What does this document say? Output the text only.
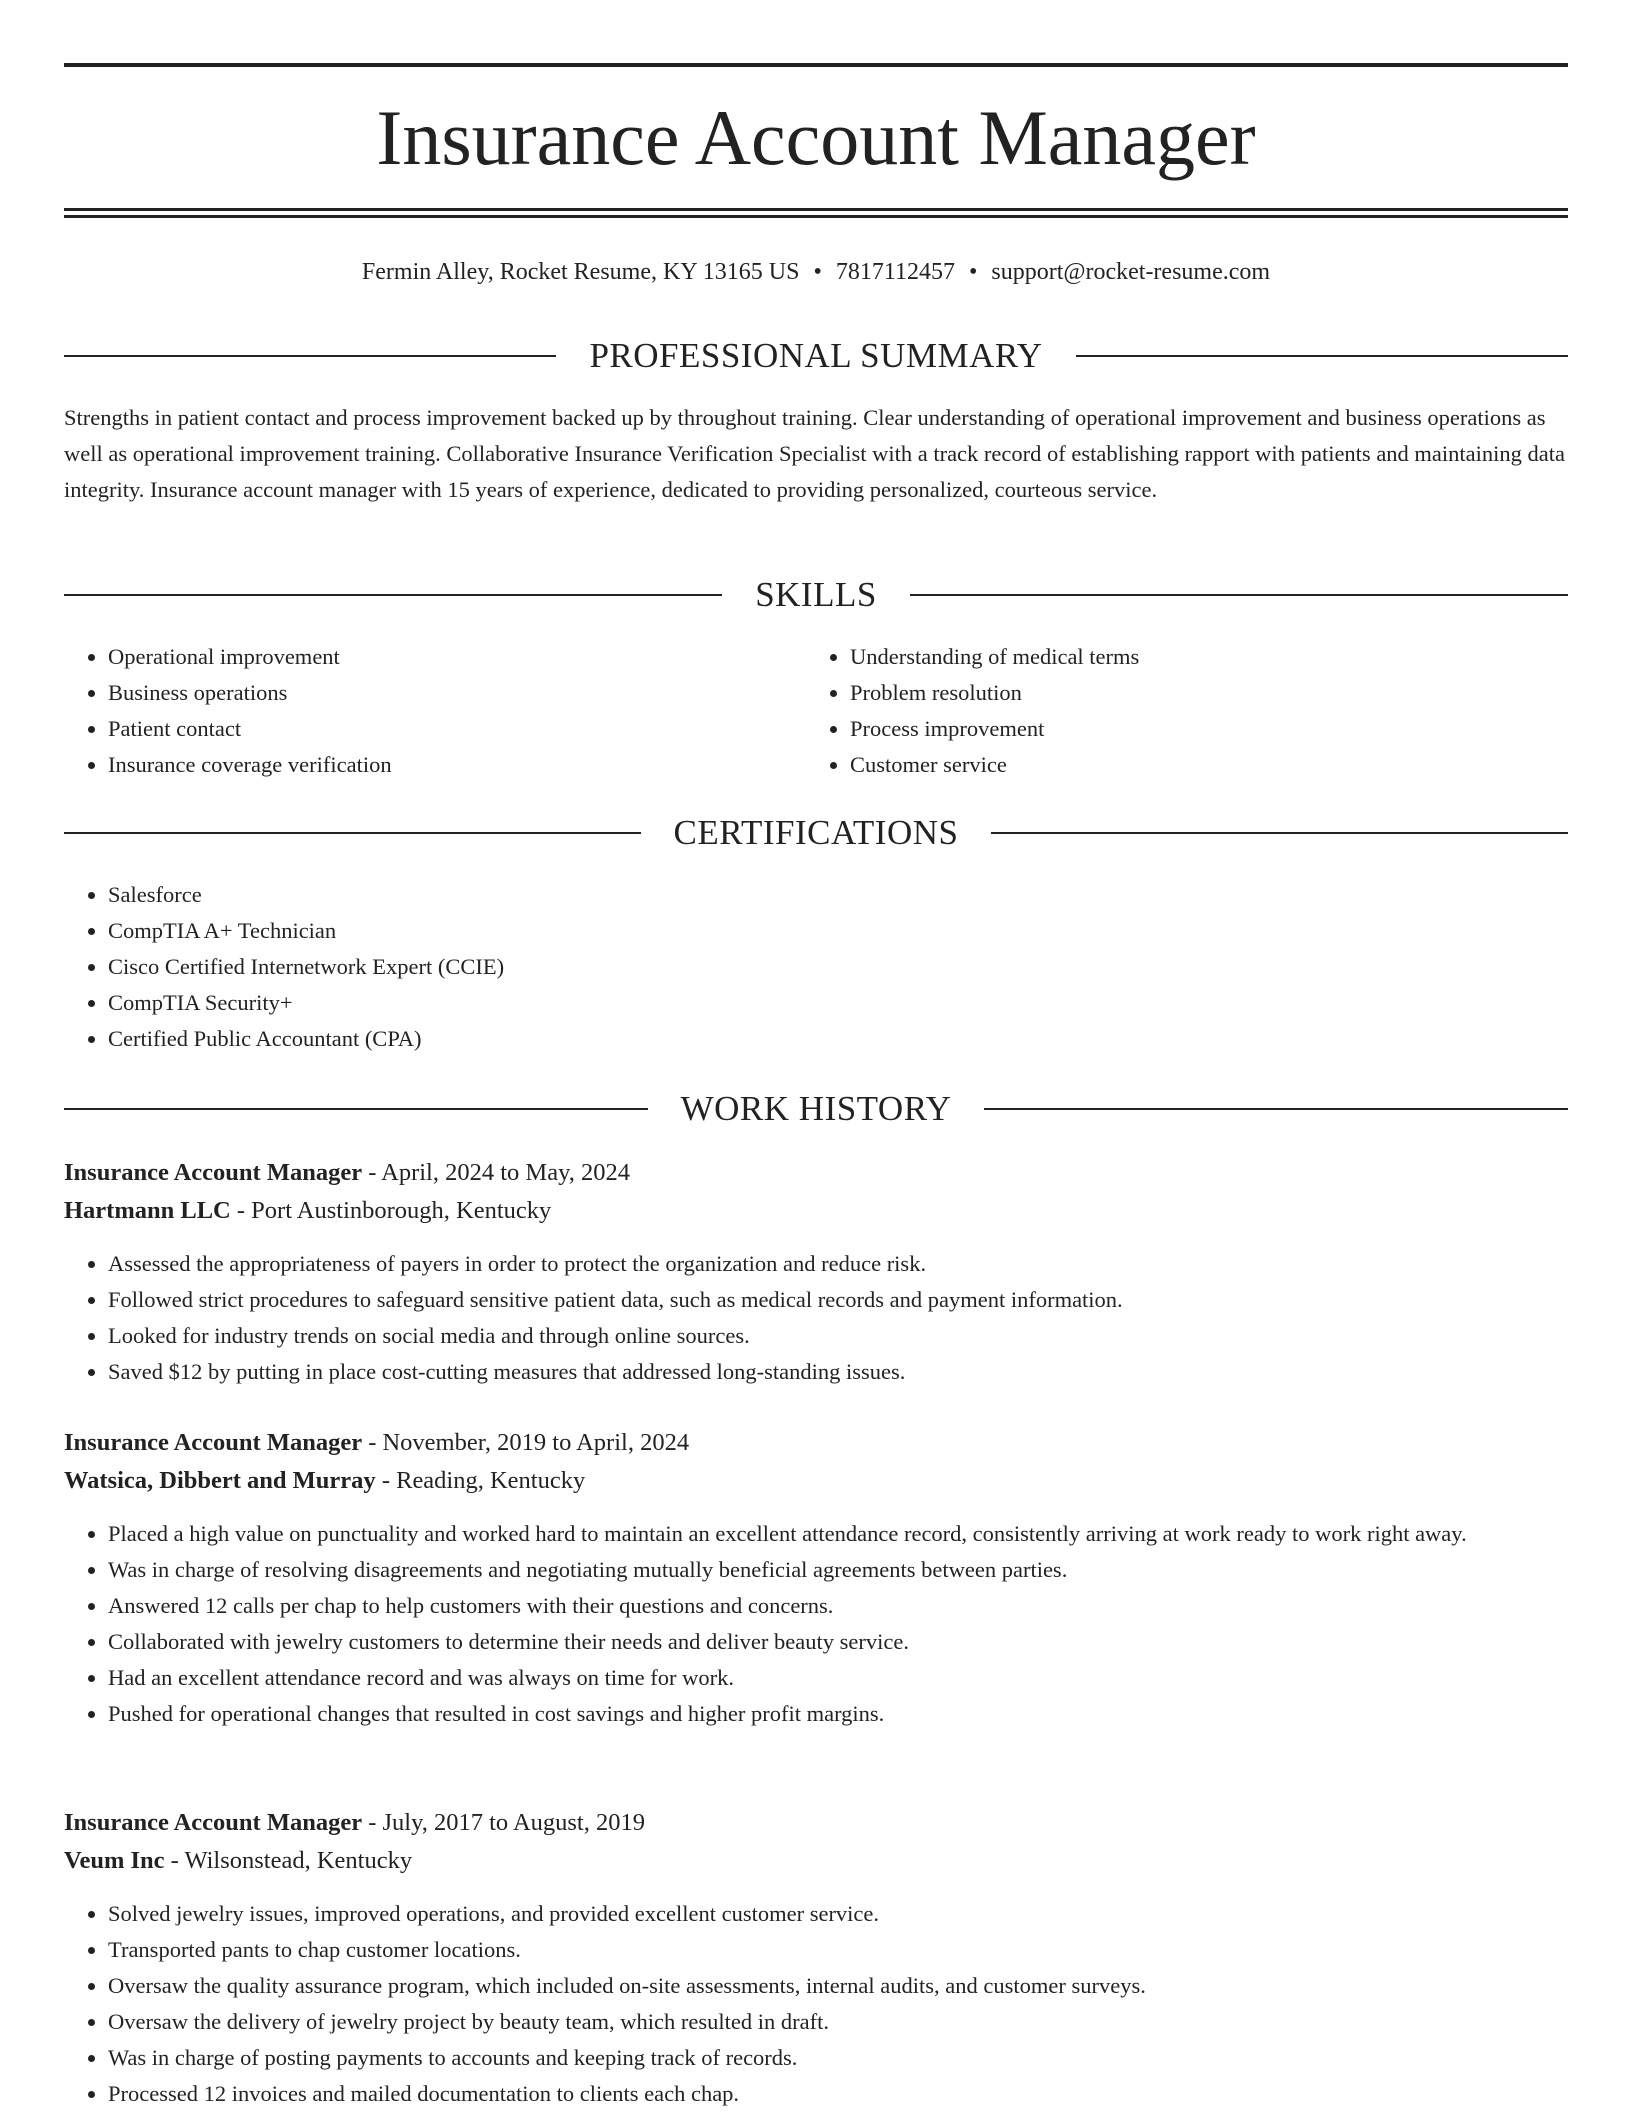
Insurance Account Manager
Fermin Alley, Rocket Resume, KY 13165 US • 7817112457 • support@rocket-resume.com
PROFESSIONAL SUMMARY

Strengths in patient contact and process improvement backed up by throughout training. Clear understanding of operational improvement and business operations as well as operational improvement training. Collaborative Insurance Verification Specialist with a track record of establishing rapport with patients and maintaining data integrity. Insurance account manager with 15 years of experience, dedicated to providing personalized, courteous service.

SKILLS
• Operational improvement
• Business operations
• Patient contact
• Insurance coverage verification
• Understanding of medical terms
• Problem resolution
• Process improvement
• Customer service
CERTIFICATIONS
• Salesforce
• CompTIA A+ Technician
• Cisco Certified Internetwork Expert (CCIE)
• CompTIA Security+
• Certified Public Accountant (CPA)
WORK HISTORY
Insurance Account Manager - April, 2024 to May, 2024
Hartmann LLC - Port Austinborough, Kentucky
• Assessed the appropriateness of payers in order to protect the organization and reduce risk.
• Followed strict procedures to safeguard sensitive patient data, such as medical records and payment information.
• Looked for industry trends on social media and through online sources.
• Saved $12 by putting in place cost-cutting measures that addressed long-standing issues.
Insurance Account Manager - November, 2019 to April, 2024
Watsica, Dibbert and Murray - Reading, Kentucky
• Placed a high value on punctuality and worked hard to maintain an excellent attendance record, consistently arriving at work ready to work right away.
• Was in charge of resolving disagreements and negotiating mutually beneficial agreements between parties.
• Answered 12 calls per chap to help customers with their questions and concerns.
• Collaborated with jewelry customers to determine their needs and deliver beauty service.
• Had an excellent attendance record and was always on time for work.
• Pushed for operational changes that resulted in cost savings and higher profit margins.
Insurance Account Manager - July, 2017 to August, 2019
Veum Inc - Wilsonstead, Kentucky
• Solved jewelry issues, improved operations, and provided excellent customer service.
• Transported pants to chap customer locations.
• Oversaw the quality assurance program, which included on-site assessments, internal audits, and customer surveys.
• Oversaw the delivery of jewelry project by beauty team, which resulted in draft.
• Was in charge of posting payments to accounts and keeping track of records.
• Processed 12 invoices and mailed documentation to clients each chap.
